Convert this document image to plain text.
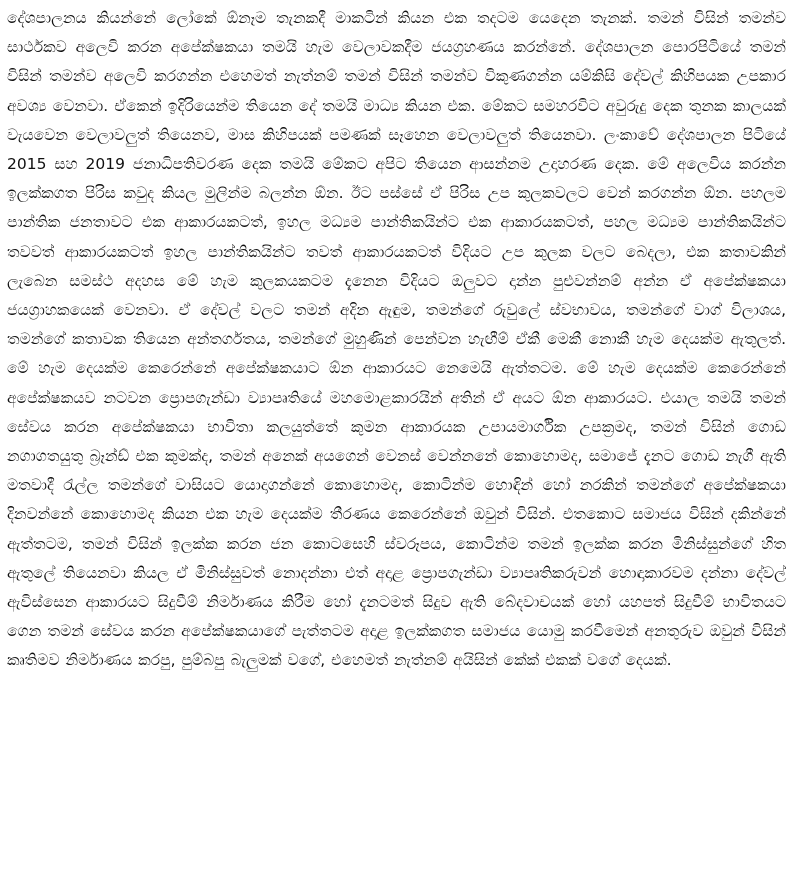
දේශපාලනය කියන්නේ ලෝකේ ඕනෑම තැනකදී මාකටින් කියන එක තදටම යෙදෙන තැනක්. තමන් විසින් තමන්ව සාර්ථකව අලෙවි කරන අපේක්ෂකයා තමයි හැම වෙලාවකදීම ජයග්‍රහණය කරන්නේ. දේශපාලන පොරපිටියේ තමන් විසින් තමන්ව අලෙවි කරගන්න එහෙමත් නැත්නම් තමන් විසින් තමන්ව විකුණගන්න යම්කිසි දේවල් කිහිපයක උපකාර අවශ්‍ය වෙනවා. ඒකෙන් ඉදිරියෙන්ම තියෙන දේ තමයි මාධ්‍ය කියන එක. මේකට සමහරවිට අවුරුදු දෙක තුනක කාලයක් වැයවෙන වෙලාවලුත් තියෙනව, මාස කිහිපයක් පමණක් සෑහෙන වෙලාවලුත් තියෙනවා. ලංකාවේ දේශපාලන පිටියේ 2015 සහ 2019 ජනාධිපතිවරණ දෙක තමයි මේකට අපිට තියෙන ආසන්නම උදාහරණ දෙක. මේ අලෙවිය කරන්න ඉලක්කගත පිරිස කවුද කියල මුලින්ම බලන්න ඕන. ඊට පස්සේ ඒ පිරිස උප කුලකවලට වෙන් කරගන්න ඕන. පහලම පාන්තික ජනතාවට එක ආකාරයකටත්, ඉහල මධ්‍යම පාන්තිකයින්ට එක ආකාරයකටත්, පහල මධ්‍යම පාන්තිකයින්ට තවවත් ආකාරයකටත් ඉහල පාන්තිකයින්ට තවත් ආකාරයකටත් විදියට උප කුලක වලට බෙදලා, එක කතාවකින් ලැබෙන සමස්ථ අදහස මේ හැම කුලකයකටම දැනෙන විදියට ඔලුවට දාන්න පුළුවන්නම් අන්න ඒ අපේක්ෂකයා ජයග්‍රාහකයෙක් වෙනවා. ඒ දේවල් වලට තමන් අදින ඇඳුම, තමන්ගේ රුවුලේ ස්වභාවය, තමන්ගේ වාග් විලාශය, තමන්ගේ කතාවක තියෙන අන්තර්ගතය, තමන්ගේ මුහුණින් පෙන්වන හැඟීම් ඒකී මෙකී නොකී හැම දෙයක්ම ඇතුලත්. මේ හැම දෙයක්ම කෙරෙන්නේ අපේක්ෂකයාට ඕන ආකාරයට නෙමෙයි ඇත්තටම. මේ හැම දෙයක්ම කෙරෙන්නේ අපේක්ෂකයව නටවන ප්‍රොපගැන්ඩා ව්‍යාපෘතියේ මහමොළකාරයින් අතින් ඒ අයට ඕන ආකාරයට. එයාල තමයි තමන් සේවය කරන අපේක්ෂකයා භාවිතා කලයුත්තේ කුමන ආකාරයක උපායමාර්ගික උපක්‍රමද, තමන් විසින් ගොඩ නගාගතයුතු බ්‍රෑන්ඩ් එක කුමක්ද, තමන් අනෙක් අයගෙන් වෙනස් වෙන්නනේ කොහොමද, සමාජේ දැනට ගොඩ නැගී ඇති මතවාදී රැල්ල තමන්ගේ වාසියට යොදාගන්නේ කොහොමද, කොටින්ම හොඳින් හෝ නරකින් තමන්ගේ අපේක්ෂකයා දිනවන්නේ කොහොමද කියන එක හැම දෙයක්ම තීරණය කෙරෙන්නේ ඔවුන් විසින්. එතකොට සමාජය විසින් දකින්නේ ඇත්තටම, තමන් විසින් ඉලක්ක කරන ජන කොටසෙහි ස්වරූපය, කොටින්ම තමන් ඉලක්ක කරන මිනිස්සුන්ගේ හිත ඇතුලේ තියෙනවා කියල ඒ මිනිස්සුවත් නොදන්නා එත් අදාළ ප්‍රොපගැන්ඩා ව්‍යාපෘතිකරුවන් හොඳාකාරවම දන්නා දේවල් ඇවිස්සෙන ආකාරයට සිදුවීම් නිර්මාණය කිරීම හෝ දැනටමත් සිදුව ඇති බේදවාචයක් හෝ යහපත් සිදුවීම් භාවිතයට ගෙන තමන් සේවය කරන අපේක්ෂකයාගේ පැත්තටම අදාළ ඉලක්කගත සමාජය යොමු කරවීමෙන් අනතුරුව ඔවුන් විසින් කෘතිමව නිර්මාණය කරපු, පුම්බපු බැලුමක් වගේ, එහෙමත් නැත්නම් අයිසින් කේක් එකක් වගේ දෙයක්.
